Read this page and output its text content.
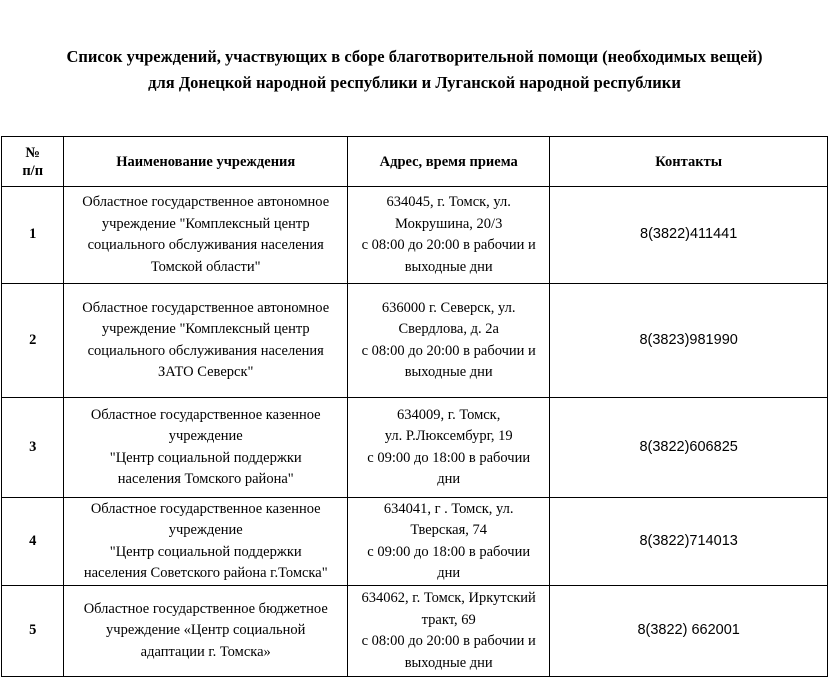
Список учреждений, участвующих в сборе благотворительной помощи (необходимых вещей)
для Донецкой народной республики и Луганской народной республики
№
п/п	Наименование учреждения	Адрес, время приема	Контакты
1	Областное государственное автономное
учреждение "Комплексный центр
социального обслуживания населения
Томской области"	634045, г. Томск, ул.
Мокрушина, 20/3
с 08:00 до 20:00 в рабочии и
выходные дни	8(3822)411441
2	Областное государственное автономное
учреждение "Комплексный центр
социального обслуживания населения
ЗАТО Северск"	636000 г. Северск, ул.
Свердлова, д. 2а
с 08:00 до 20:00 в рабочии и
выходные дни	8(3823)981990
3	Областное государственное казенное
учреждение
"Центр социальной поддержки
населения Томского района"	634009, г. Томск,
ул. Р.Люксембург, 19
с 09:00 до 18:00 в рабочии
дни	8(3822)606825
4	Областное государственное казенное
учреждение
"Центр социальной поддержки
населения Советского района г.Томска"	634041, г . Томск, ул.
Тверская, 74
с 09:00 до 18:00 в рабочии
дни	8(3822)714013
5	Областное государственное бюджетное
учреждение «Центр социальной
адаптации г. Томска»	634062, г. Томск, Иркутский
тракт, 69
с 08:00 до 20:00 в рабочии и
выходные дни	8(3822) 662001
